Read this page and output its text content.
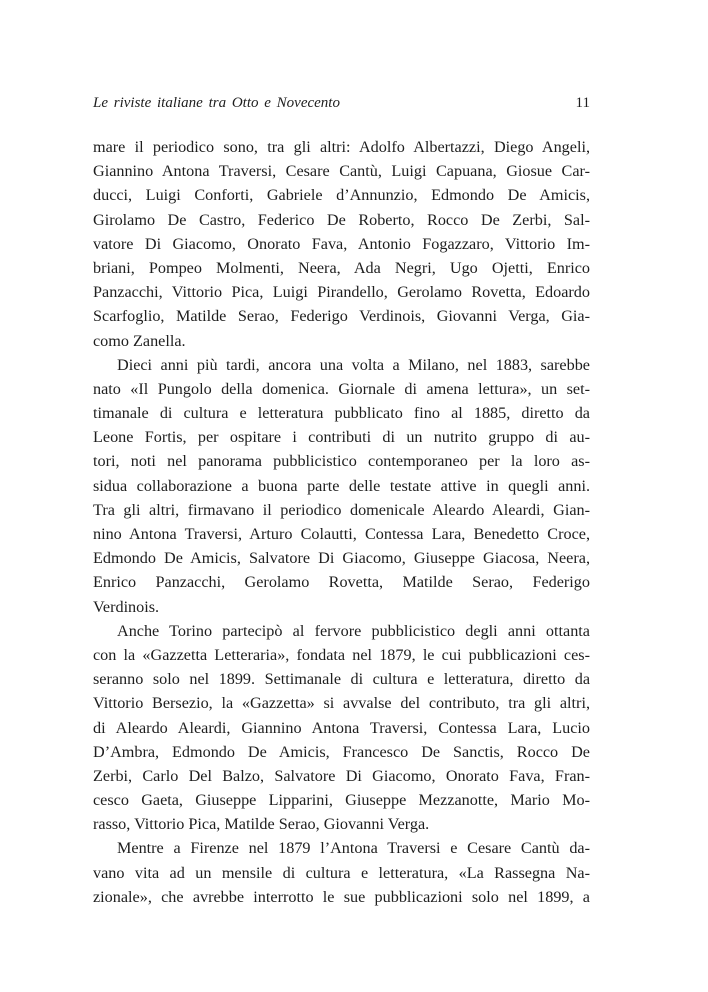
Le riviste italiane tra Otto e Novecento	11
mare il periodico sono, tra gli altri: Adolfo Albertazzi, Diego Angeli,
Giannino Antona Traversi, Cesare Cantù, Luigi Capuana, Giosue Car-
ducci, Luigi Conforti, Gabriele d’Annunzio, Edmondo De Amicis,
Girolamo De Castro, Federico De Roberto, Rocco De Zerbi, Sal-
vatore Di Giacomo, Onorato Fava, Antonio Fogazzaro, Vittorio Im-
briani, Pompeo Molmenti, Neera, Ada Negri, Ugo Ojetti, Enrico
Panzacchi, Vittorio Pica, Luigi Pirandello, Gerolamo Rovetta, Edoardo
Scarfoglio, Matilde Serao, Federigo Verdinois, Giovanni Verga, Gia-
como Zanella.
Dieci anni più tardi, ancora una volta a Milano, nel 1883, sarebbe
nato «Il Pungolo della domenica. Giornale di amena lettura», un set-
timanale di cultura e letteratura pubblicato fino al 1885, diretto da
Leone Fortis, per ospitare i contributi di un nutrito gruppo di au-
tori, noti nel panorama pubblicistico contemporaneo per la loro as-
sidua collaborazione a buona parte delle testate attive in quegli anni.
Tra gli altri, firmavano il periodico domenicale Aleardo Aleardi, Gian-
nino Antona Traversi, Arturo Colautti, Contessa Lara, Benedetto Croce,
Edmondo De Amicis, Salvatore Di Giacomo, Giuseppe Giacosa, Neera,
Enrico Panzacchi, Gerolamo Rovetta, Matilde Serao, Federigo
Verdinois.
Anche Torino partecipò al fervore pubblicistico degli anni ottanta
con la «Gazzetta Letteraria», fondata nel 1879, le cui pubblicazioni ces-
seranno solo nel 1899. Settimanale di cultura e letteratura, diretto da
Vittorio Bersezio, la «Gazzetta» si avvalse del contributo, tra gli altri,
di Aleardo Aleardi, Giannino Antona Traversi, Contessa Lara, Lucio
D’Ambra, Edmondo De Amicis, Francesco De Sanctis, Rocco De
Zerbi, Carlo Del Balzo, Salvatore Di Giacomo, Onorato Fava, Fran-
cesco Gaeta, Giuseppe Lipparini, Giuseppe Mezzanotte, Mario Mo-
rasso, Vittorio Pica, Matilde Serao, Giovanni Verga.
Mentre a Firenze nel 1879 l’Antona Traversi e Cesare Cantù da-
vano vita ad un mensile di cultura e letteratura, «La Rassegna Na-
zionale», che avrebbe interrotto le sue pubblicazioni solo nel 1899, a
